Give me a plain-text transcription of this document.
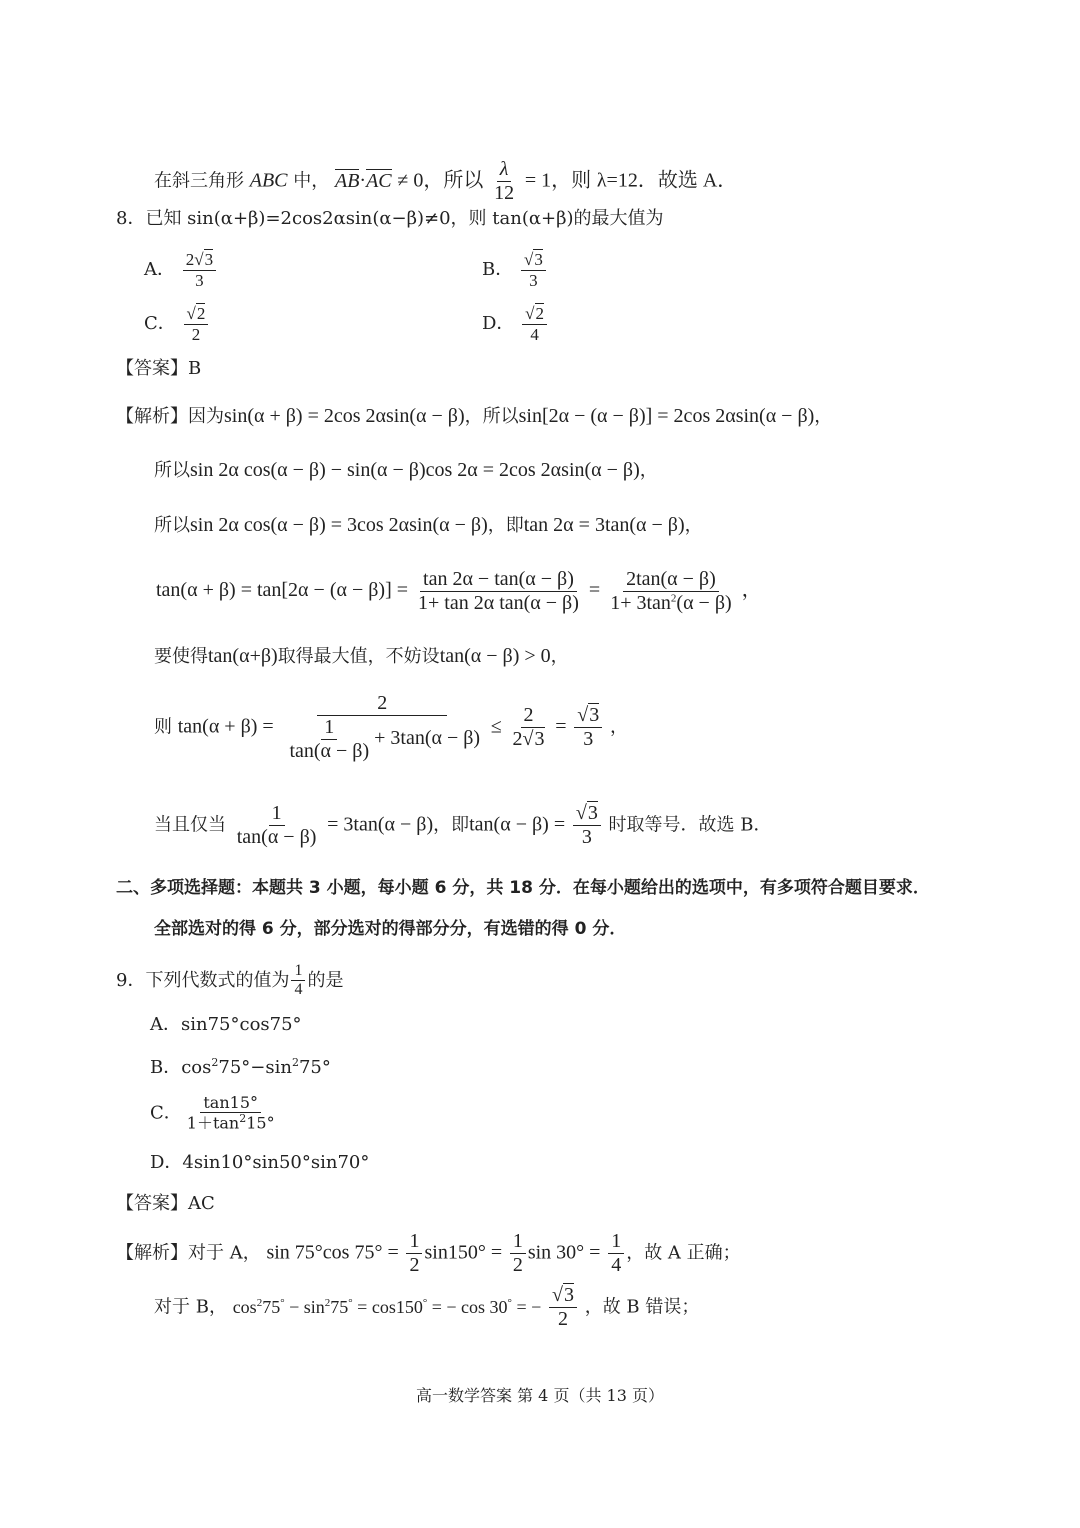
在斜三角形 ABC 中， AB·AC ≠ 0，所以 $\frac{\lambda}{12} = 1$，则 λ=12．故选 A．
8．已知 sin(α+β)=2cos2αsin(α−β)≠0，则 tan(α+β)的最大值为
A． $\frac{2√3}{3}$	B． $\frac{√3}{3}$
C． $\frac{√2}{2}$	D． $\frac{√2}{4}$
【答案】B
【解析】因为sin(α + β) = 2cos 2αsin(α − β)，所以sin[2α − (α − β)] = 2cos 2αsin(α − β)，
所以sin 2α cos(α − β) − sin(α − β)cos 2α = 2cos 2αsin(α − β)，
所以sin 2α cos(α − β) = 3cos 2αsin(α − β)，即tan 2α = 3tan(α − β)，
$\tan(\alpha + \beta) = \tan[2\alpha - (\alpha - \beta)] = \frac{\tan 2\alpha - \tan(\alpha - \beta)}{\text{1+ tan 2α tan(α − β)}} = \frac{2\tan(\alpha - \beta)}{1+ 3\tan^2(\alpha - \beta)}$ ，
要使得tan(α+β)取得最大值，不妨设tan(α − β) > 0，
则 $\tan(\alpha + \beta) = \frac{2}{\frac{1}{\tan(\alpha - \beta)} + 3\tan(\alpha - \beta)} \le \frac{2}{2√3} = \frac{√3}{3}$ ，
当且仅当 $\frac{1}{\tan(\alpha - \beta)} = 3\tan(\alpha - \beta)$，即$\tan(\alpha - \beta) = \frac{√3}{3}$ 时取等号．故选 B．
二、多项选择题：本题共 3 小题，每小题 6 分，共 18 分．在每小题给出的选项中，有多项符合题目要求．
全部选对的得 6 分，部分选对的得部分分，有选错的得 0 分．
9．下列代数式的值为 $\frac{1}{4}$ 的是
A．sin75°cos75°
B．$\cos^275^\circ-\sin^275^\circ$
C． $\frac{\tan 15^\circ}{1+\tan^215^\circ}$
D．4sin10°sin50°sin70°
【答案】AC
【解析】对于 A， sin 75°cos $75^\circ = \frac{1}{2} \sin 150^\circ = \frac{1}{2}$ $\sin 30^\circ = \frac{1}{4}$ ，故 A 正确；
对于 B， $\cos^275^\circ - \sin^275^\circ = \cos 150^\circ$ = − cos 30° = − $\frac{√3}{2}$ ，故 B 错误；
高一数学答案 第 4 页（共 13 页）
